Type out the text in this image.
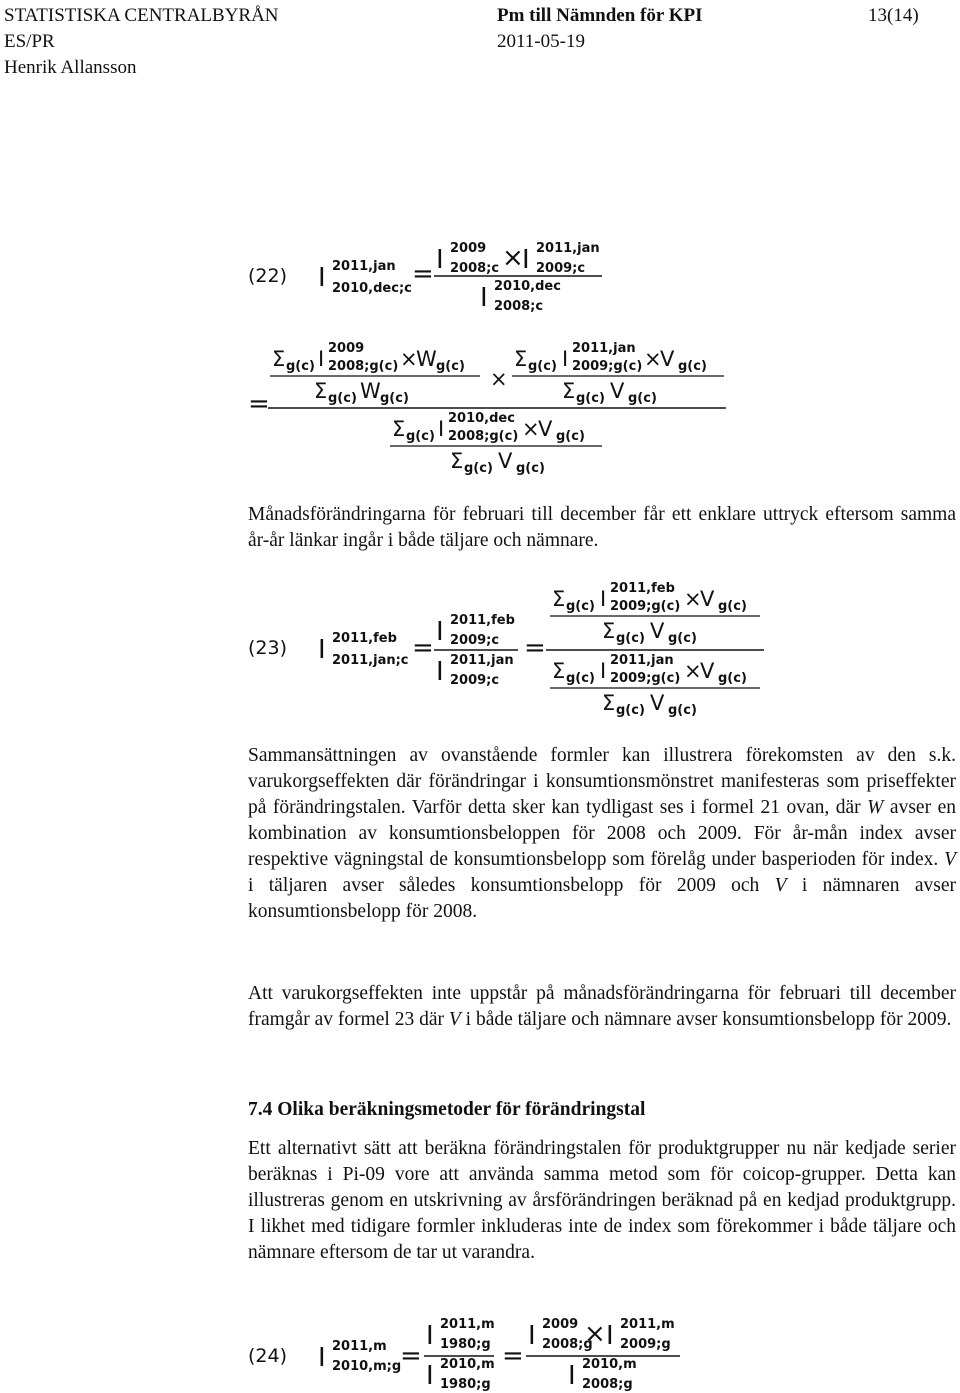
STATISTISKA CENTRALBYRÅN
ES/PR
Henrik Allansson
Pm till Nämnden för KPI
2011-05-19
13(14)
(22) I 2011,jan
2010,dec;c = I 2009
2008;c ×
I 2011,jan
2009;c
I 2010,dec
2008;c
=
Σ g(c) I 2009
2008;g(c) ×
W g(c)
Σ g(c) W g(c)
×
Σ g(c) I 2011,jan
2009;g(c) ×
V g(c)
Σ g(c) V g(c)
Σ g(c) I 2010,dec
2008;g(c) ×
V g(c)
Σ g(c) V g(c)
Månadsförändringarna för februari till december får ett enklare uttryck eftersom samma år-år länkar ingår i både täljare och nämnare.
(23) I 2011,feb
2011,jan;c =
I 2011,feb
2009;c
I 2011,jan
2009;c
=
Σ g(c) I 2011,feb
2009;g(c) ×
V g(c)
Σ g(c) V g(c)
Σ g(c) I 2011,jan
2009;g(c) ×
V g(c)
Σ g(c) V g(c)
Sammansättningen av ovanstående formler kan illustrera förekomsten av den s.k. varukorgseffekten där förändringar i konsumtionsmönstret manifesteras som priseffekter på förändringstalen. Varför detta sker kan tydligast ses i formel 21 ovan, där W avser en kombination av konsumtionsbeloppen för 2008 och 2009. För år-mån index avser respektive vägningstal de konsumtionsbelopp som förelåg under basperioden för index. V i täljaren avser således konsumtionsbelopp för 2009 och V i nämnaren avser konsumtionsbelopp för 2008.
Att varukorgseffekten inte uppstår på månadsförändringarna för februari till december framgår av formel 23 där V i både täljare och nämnare avser konsumtionsbelopp för 2009.
7.4 Olika beräkningsmetoder för förändringstal
Ett alternativt sätt att beräkna förändringstalen för produktgrupper nu när kedjade serier beräknas i Pi-09 vore att använda samma metod som för coicop-grupper. Detta kan illustreras genom en utskrivning av årsförändringen beräknad på en kedjad produktgrupp. I likhet med tidigare formler inkluderas inte de index som förekommer i både täljare och nämnare eftersom de tar ut varandra.
(24) I 2011,m
2010,m;g
=
I 2011,m
1980;g
I 2010,m
1980;g
=
I 2009
2008;g
× I 2011,m
2009;g
I 2010,m
2008;g
